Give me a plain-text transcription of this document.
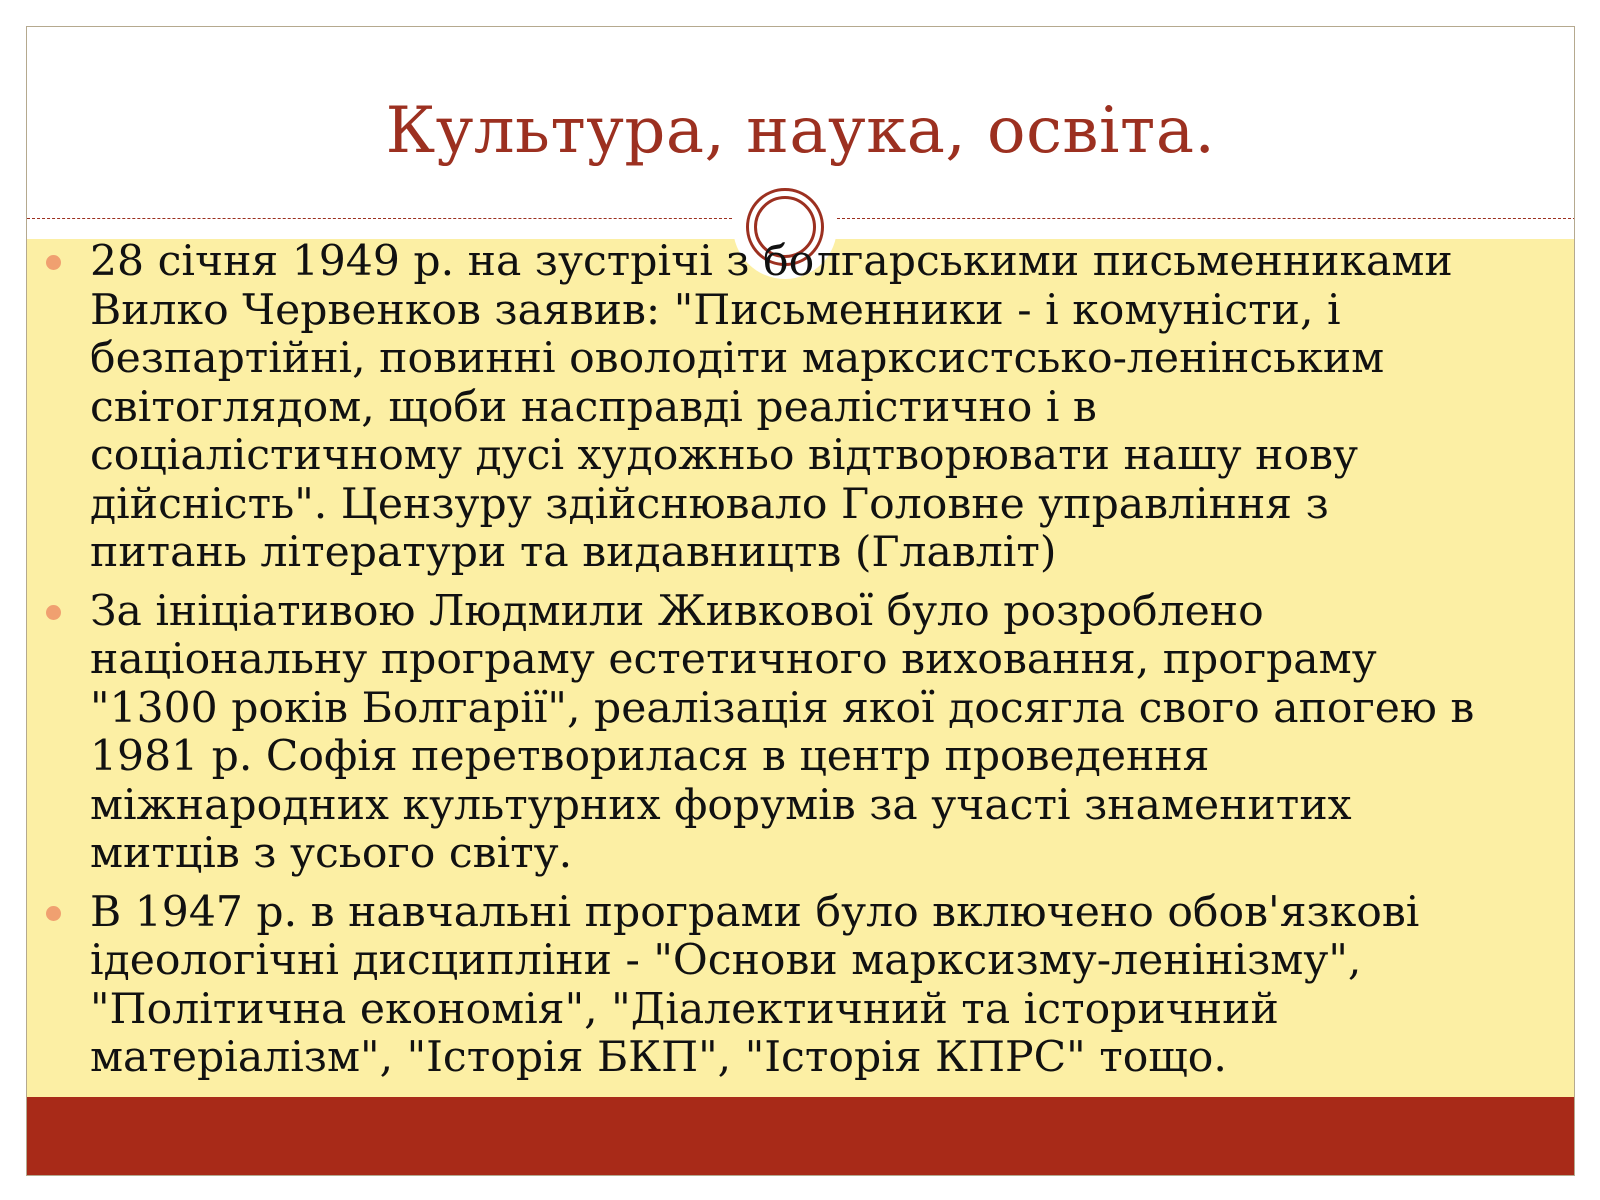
Культура, наука, освіта.
28 січня 1949 р. на зустрічі з болгарськими письменниками Вилко Червенков заявив: "Письменники - і комуністи, і безпартійні, повинні оволодіти марксистсько-ленінським світоглядом, щоби насправді реалістично і в соціалістичному дусі художньо відтворювати нашу нову дійсність". Цензуру здійснювало Головне управління з питань літератури та видавництв (Главліт)
За ініціативою Людмили Живкової було розроблено національну програму естетичного виховання, програму "1300 років Болгарії", реалізація якої досягла свого апогею в 1981 р. Софія перетворилася в центр проведення міжнародних культурних форумів за участі знаменитих митців з усього світу.
В 1947 р. в навчальні програми було включено обов'язкові ідеологічні дисципліни - "Основи марксизму-ленінізму", "Політична економія", "Діалектичний та історичний матеріалізм", "Історія БКП", "Історія КПРС" тощо.
